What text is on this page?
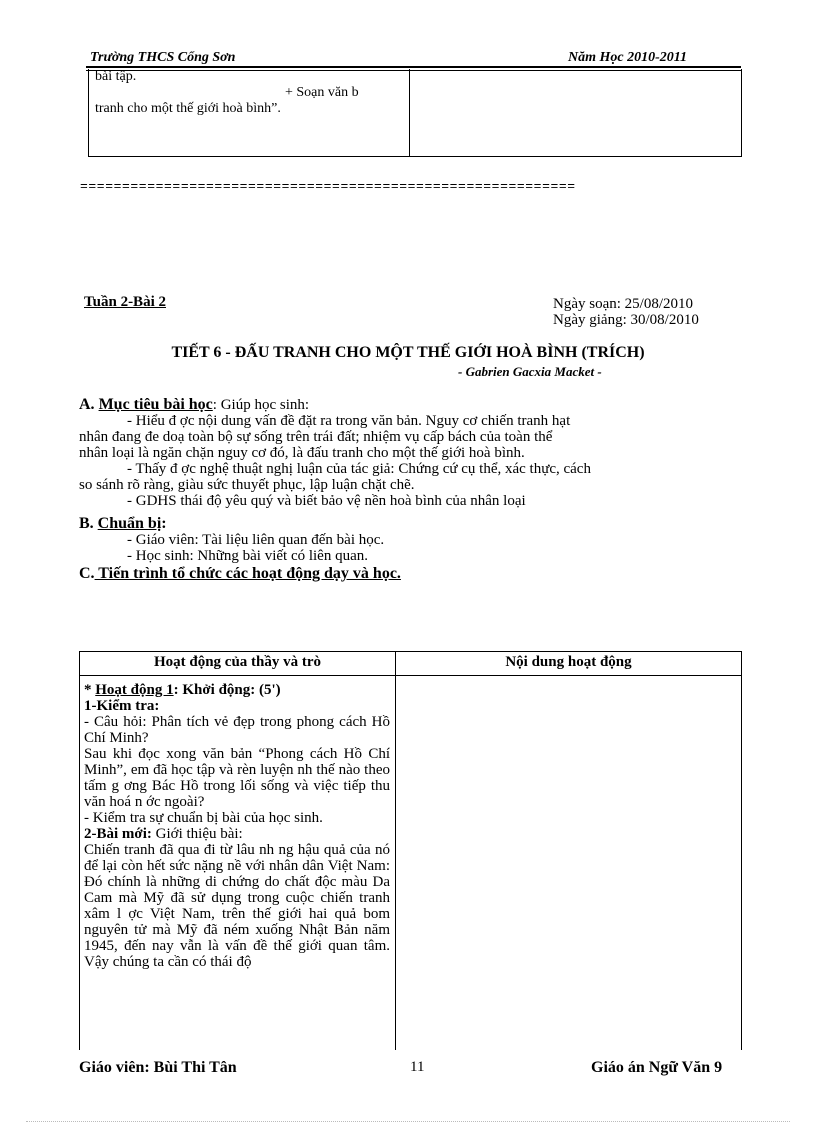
Trường THCS Cổng Sơn	Năm Học 2010-2011
bài tập.
+ Soạn văn b
tranh cho một thế giới hoà bình”.
===========================================================
Tuần 2-Bài 2	Ngày soạn: 25/08/2010
Ngày giảng: 30/08/2010
TIẾT 6 - ĐẤU TRANH CHO MỘT THẾ GIỚI HOÀ BÌNH (TRÍCH)
- Gabrien Gacxia Macket -
A. Mục tiêu bài học: Giúp học sinh:
- Hiểu đ ợc nội dung vấn đề đặt ra trong văn bản. Nguy cơ chiến tranh hạt
nhân đang đe doạ toàn bộ sự sống trên trái đất; nhiệm vụ cấp bách của toàn thể
nhân loại là ngăn chặn nguy cơ đó, là đấu tranh cho một thế giới hoà bình.
- Thấy đ ợc nghệ thuật nghị luận của tác giả: Chứng cứ cụ thể, xác thực, cách
so sánh rõ ràng, giàu sức thuyết phục, lập luận chặt chẽ.
- GDHS thái độ yêu quý và biết bảo vệ nền hoà bình của nhân loại
B. Chuẩn bị:
- Giáo viên: Tài liệu liên quan đến bài học.
- Học sinh: Những bài viết có liên quan.
C. Tiến trình tổ chức các hoạt động dạy và học.
Hoạt động của thầy và trò	Nội dung hoạt động

* Hoạt động 1: Khởi động: (5')

1-Kiểm tra:

- Câu hỏi: Phân tích vẻ đẹp trong phong cách Hồ Chí Minh?

Sau khi đọc xong văn bản “Phong cách Hồ Chí Minh”, em đã học tập và rèn luyện nh thế nào theo tấm g ơng Bác Hồ trong lối sống và việc tiếp thu văn hoá n ớc ngoài?

- Kiểm tra sự chuẩn bị bài của học sinh.

2-Bài mới: Giới thiệu bài:

Chiến tranh đã qua đi từ lâu nh ng hậu quả của nó để lại còn hết sức nặng nề với nhân dân Việt Nam: Đó chính là những di chứng do chất độc màu Da Cam mà Mỹ đã sử dụng trong cuộc chiến tranh xâm l ợc Việt Nam, trên thế giới hai quả bom nguyên tử mà Mỹ đã ném xuống Nhật Bản năm 1945, đến nay vẫn là vấn đề thế giới quan tâm. Vậy chúng ta cần có thái độ

Giáo viên: Bùi Thi Tân	11	Giáo án Ngữ Văn 9
